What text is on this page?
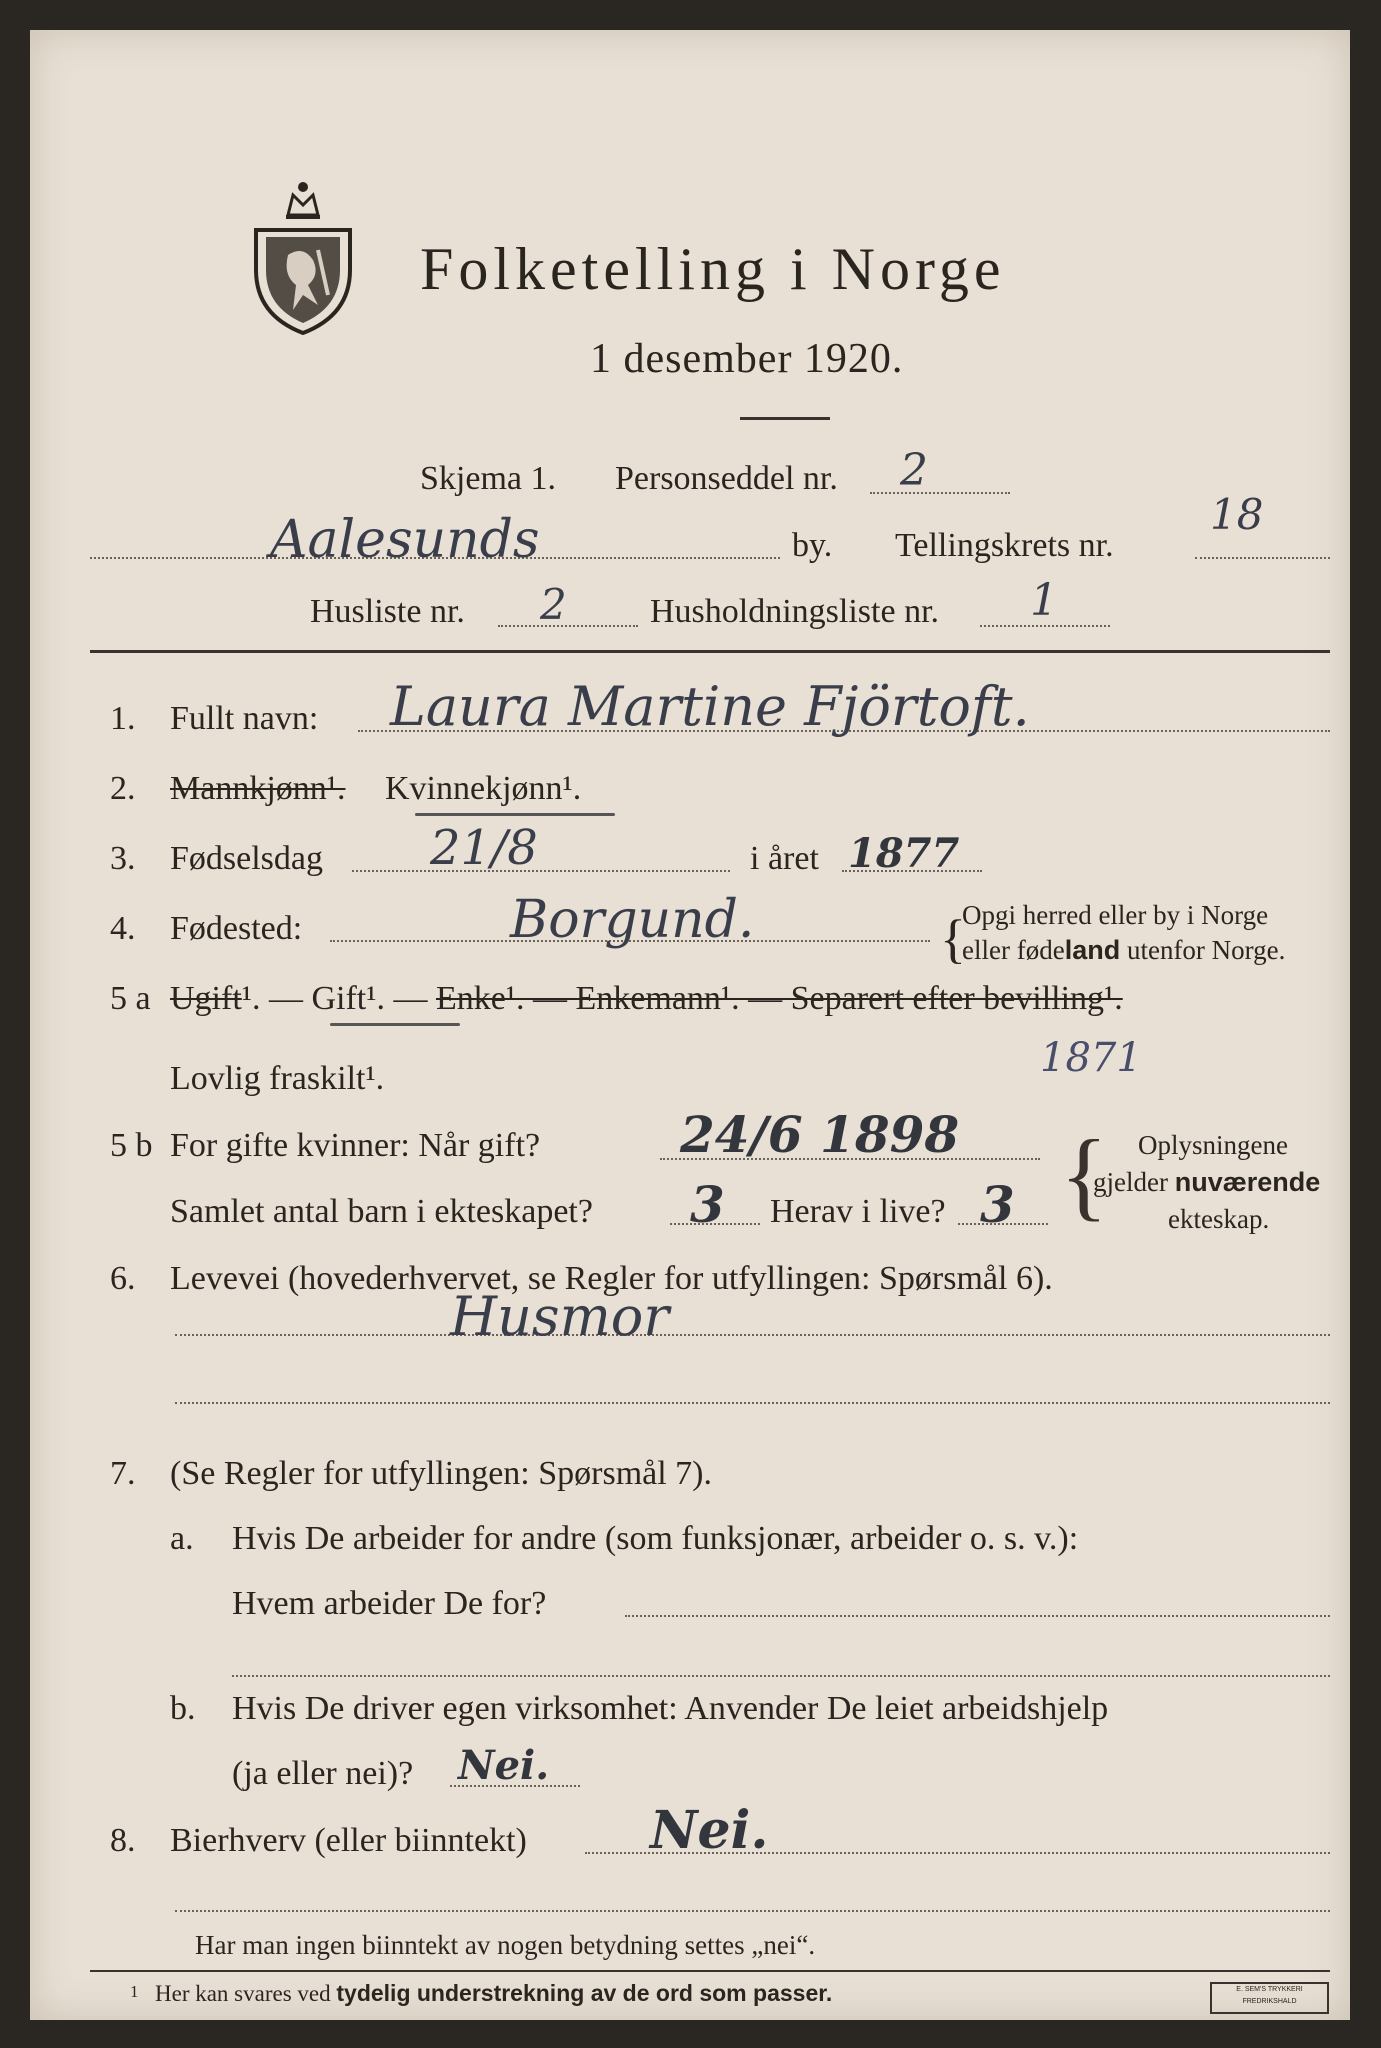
Folketelling i Norge
1 desember 1920.
Skjema 1. Personseddel nr. 2
Aalesunds	by. Tellingskrets nr.
18
Husliste nr. 2 Husholdningsliste nr. 1
1. Fullt navn: Laura Martine Fjörtoft.
2. Mannkjønn¹. Kvinnekjønn¹.
3. Fødselsdag 21/8	i året 1877
4. Fødested:	Borgund.	{
Opgi herred eller by i Norge
eller fødeland utenfor Norge.
5 a Ugift¹. — Gift¹. — Enke¹. — Enkemann¹. — Separert efter bevilling¹.
Lovlig fraskilt¹.	1871
5 b For gifte kvinner: Når gift?	24/6 1898
Samlet antal barn i ekteskapet? 3 Herav i live? 3 { Oplysningene
gjelder nuværende
ekteskap.
6. Levevei (hovederhvervet, se Regler for utfyllingen: Spørsmål 6).
Husmor
7. (Se Regler for utfyllingen: Spørsmål 7).
a. Hvis De arbeider for andre (som funksjonær, arbeider o. s. v.):
Hvem arbeider De for?
b. Hvis De driver egen virksomhet: Anvender De leiet arbeidshjelp
(ja eller nei)? Nei.
8. Bierhverv (eller biinntekt) Nei.
Har man ingen biinntekt av nogen betydning settes „nei“.
1 Her kan svares ved tydelig understrekning av de ord som passer.	E. SEM'S TRYKKERI
FREDRIKSHALD
